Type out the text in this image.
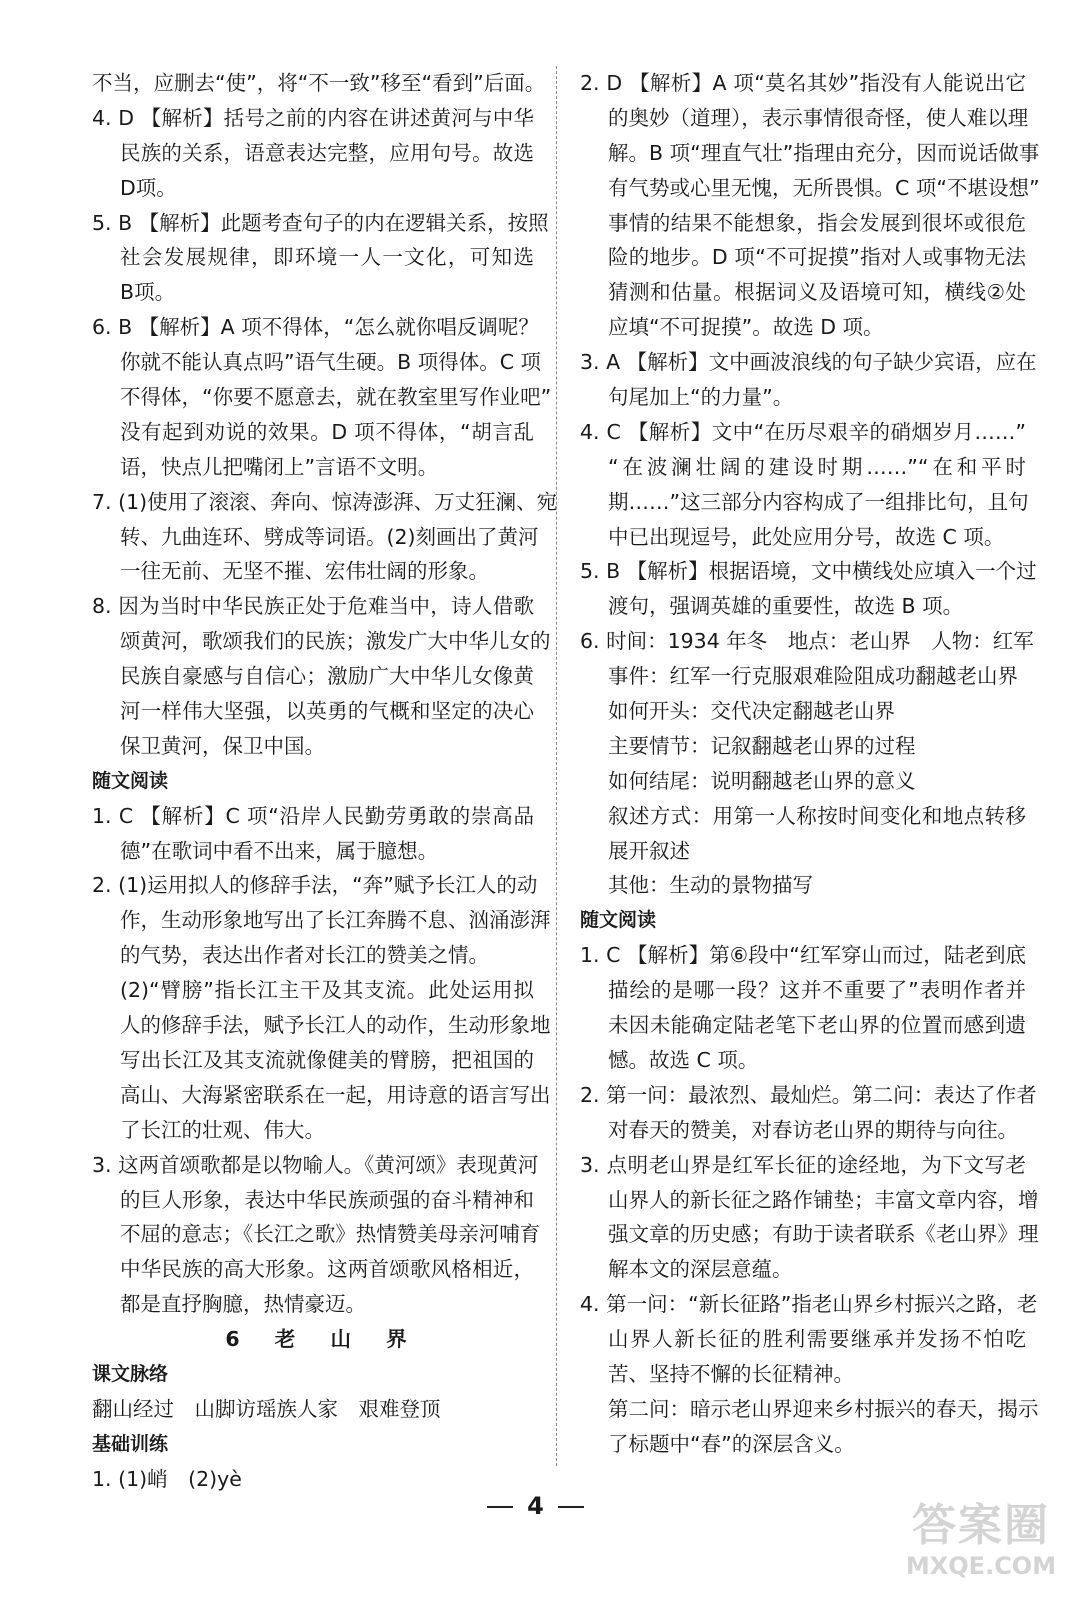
不当，应删去“使”，将“不一致”移至“看到”后面。
4. D 【解析】括号之前的内容在讲述黄河与中华
民族的关系，语意表达完整，应用句号。故选
D项。
5. B 【解析】此题考查句子的内在逻辑关系，按照
社会发展规律，即环境一人一文化，可知选
B项。
6. B 【解析】A 项不得体，“怎么就你唱反调呢？
你就不能认真点吗”语气生硬。B 项得体。C 项
不得体，“你要不愿意去，就在教室里写作业吧”
没有起到劝说的效果。D 项不得体，“胡言乱
语，快点儿把嘴闭上”言语不文明。
7. (1)使用了滚滚、奔向、惊涛澎湃、万丈狂澜、宛
转、九曲连环、劈成等词语。(2)刻画出了黄河
一往无前、无坚不摧、宏伟壮阔的形象。
8. 因为当时中华民族正处于危难当中，诗人借歌
颂黄河，歌颂我们的民族；激发广大中华儿女的
民族自豪感与自信心；激励广大中华儿女像黄
河一样伟大坚强，以英勇的气概和坚定的决心
保卫黄河，保卫中国。
随文阅读
1. C 【解析】C 项“沿岸人民勤劳勇敢的崇高品
德”在歌词中看不出来，属于臆想。
2. (1)运用拟人的修辞手法，“奔”赋予长江人的动
作，生动形象地写出了长江奔腾不息、汹涌澎湃
的气势，表达出作者对长江的赞美之情。
(2)“臂膀”指长江主干及其支流。此处运用拟
人的修辞手法，赋予长江人的动作，生动形象地
写出长江及其支流就像健美的臂膀，把祖国的
高山、大海紧密联系在一起，用诗意的语言写出
了长江的壮观、伟大。
3. 这两首颂歌都是以物喻人。《黄河颂》表现黄河
的巨人形象，表达中华民族顽强的奋斗精神和
不屈的意志；《长江之歌》热情赞美母亲河哺育
中华民族的高大形象。这两首颂歌风格相近，
都是直抒胸臆，热情豪迈。
6 老 山 界
课文脉络
翻山经过　山脚访瑶族人家　艰难登顶
基础训练
1. (1)峭　(2)yè
2. D 【解析】A 项“莫名其妙”指没有人能说出它
的奥妙（道理），表示事情很奇怪，使人难以理
解。B 项“理直气壮”指理由充分，因而说话做事
有气势或心里无愧，无所畏惧。C 项“不堪设想”
事情的结果不能想象，指会发展到很坏或很危
险的地步。D 项“不可捉摸”指对人或事物无法
猜测和估量。根据词义及语境可知，横线②处
应填“不可捉摸”。故选 D 项。
3. A 【解析】文中画波浪线的句子缺少宾语，应在
句尾加上“的力量”。
4. C 【解析】文中“在历尽艰辛的硝烟岁月……”
“在波澜壮阔的建设时期……”“在和平时
期……”这三部分内容构成了一组排比句，且句
中已出现逗号，此处应用分号，故选 C 项。
5. B 【解析】根据语境，文中横线处应填入一个过
渡句，强调英雄的重要性，故选 B 项。
6. 时间：1934 年冬　地点：老山界　人物：红军
事件：红军一行克服艰难险阻成功翻越老山界
如何开头：交代决定翻越老山界
主要情节：记叙翻越老山界的过程
如何结尾：说明翻越老山界的意义
叙述方式：用第一人称按时间变化和地点转移
展开叙述
其他：生动的景物描写
随文阅读
1. C 【解析】第⑥段中“红军穿山而过，陆老到底
描绘的是哪一段？这并不重要了”表明作者并
未因未能确定陆老笔下老山界的位置而感到遗
憾。故选 C 项。
2. 第一问：最浓烈、最灿烂。第二问：表达了作者
对春天的赞美，对春访老山界的期待与向往。
3. 点明老山界是红军长征的途经地，为下文写老
山界人的新长征之路作铺垫；丰富文章内容，增
强文章的历史感；有助于读者联系《老山界》理
解本文的深层意蕴。
4. 第一问：“新长征路”指老山界乡村振兴之路，老
山界人新长征的胜利需要继承并发扬不怕吃
苦、坚持不懈的长征精神。
第二问：暗示老山界迎来乡村振兴的春天，揭示
了标题中“春”的深层含义。
4	答案圈
MXQE.COM
